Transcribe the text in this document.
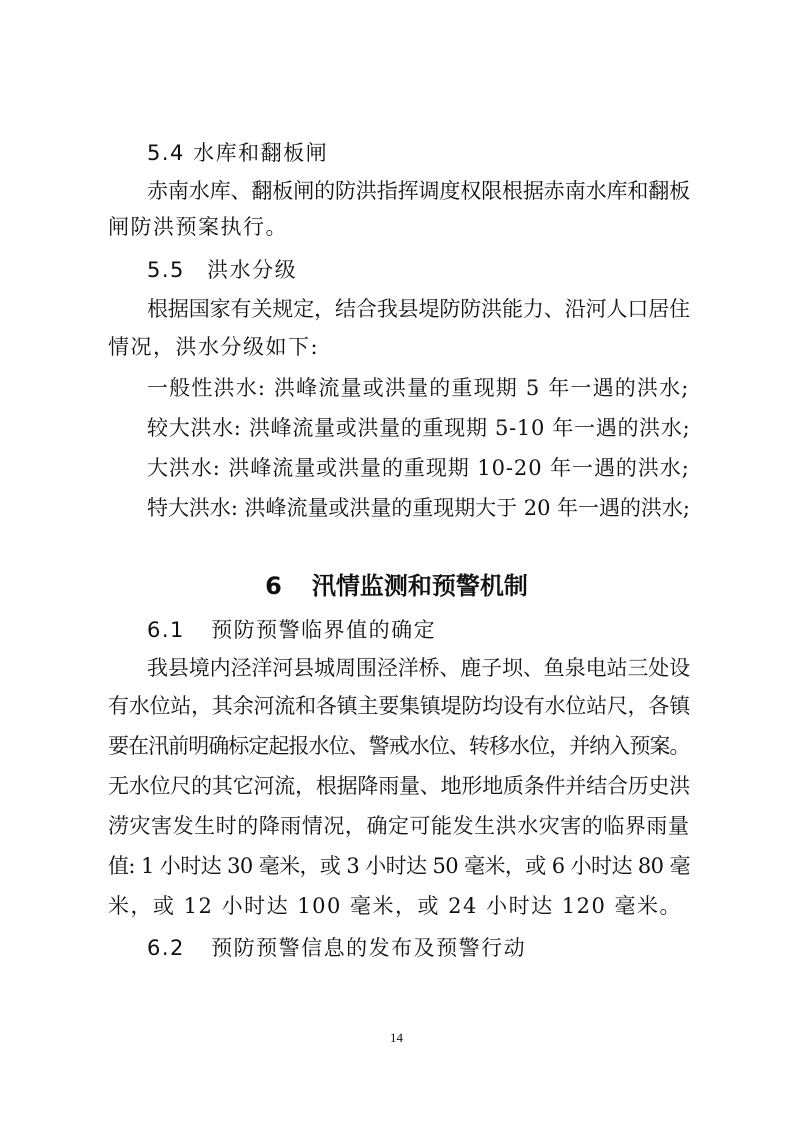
5.4 水库和翻板闸
赤南水库、翻板闸的防洪指挥调度权限根据赤南水库和翻板
闸防洪预案执行。
5.5 洪水分级
根据国家有关规定，结合我县堤防防洪能力、沿河人口居住
情况，洪水分级如下:
一般性洪水: 洪峰流量或洪量的重现期 5 年一遇的洪水;
较大洪水: 洪峰流量或洪量的重现期 5-10 年一遇的洪水;
大洪水: 洪峰流量或洪量的重现期 10-20 年一遇的洪水;
特大洪水: 洪峰流量或洪量的重现期大于 20 年一遇的洪水;
6 汛情监测和预警机制
6.1 预防预警临界值的确定
我县境内泾洋河县城周围泾洋桥、鹿子坝、鱼泉电站三处设
有水位站，其余河流和各镇主要集镇堤防均设有水位站尺，各镇
要在汛前明确标定起报水位、警戒水位、转移水位，并纳入预案。
无水位尺的其它河流，根据降雨量、地形地质条件并结合历史洪
涝灾害发生时的降雨情况，确定可能发生洪水灾害的临界雨量
值: 1 小时达 30 毫米，或 3 小时达 50 毫米，或 6 小时达 80 毫
米，或 12 小时达 100 毫米，或 24 小时达 120 毫米。
6.2 预防预警信息的发布及预警行动
14
